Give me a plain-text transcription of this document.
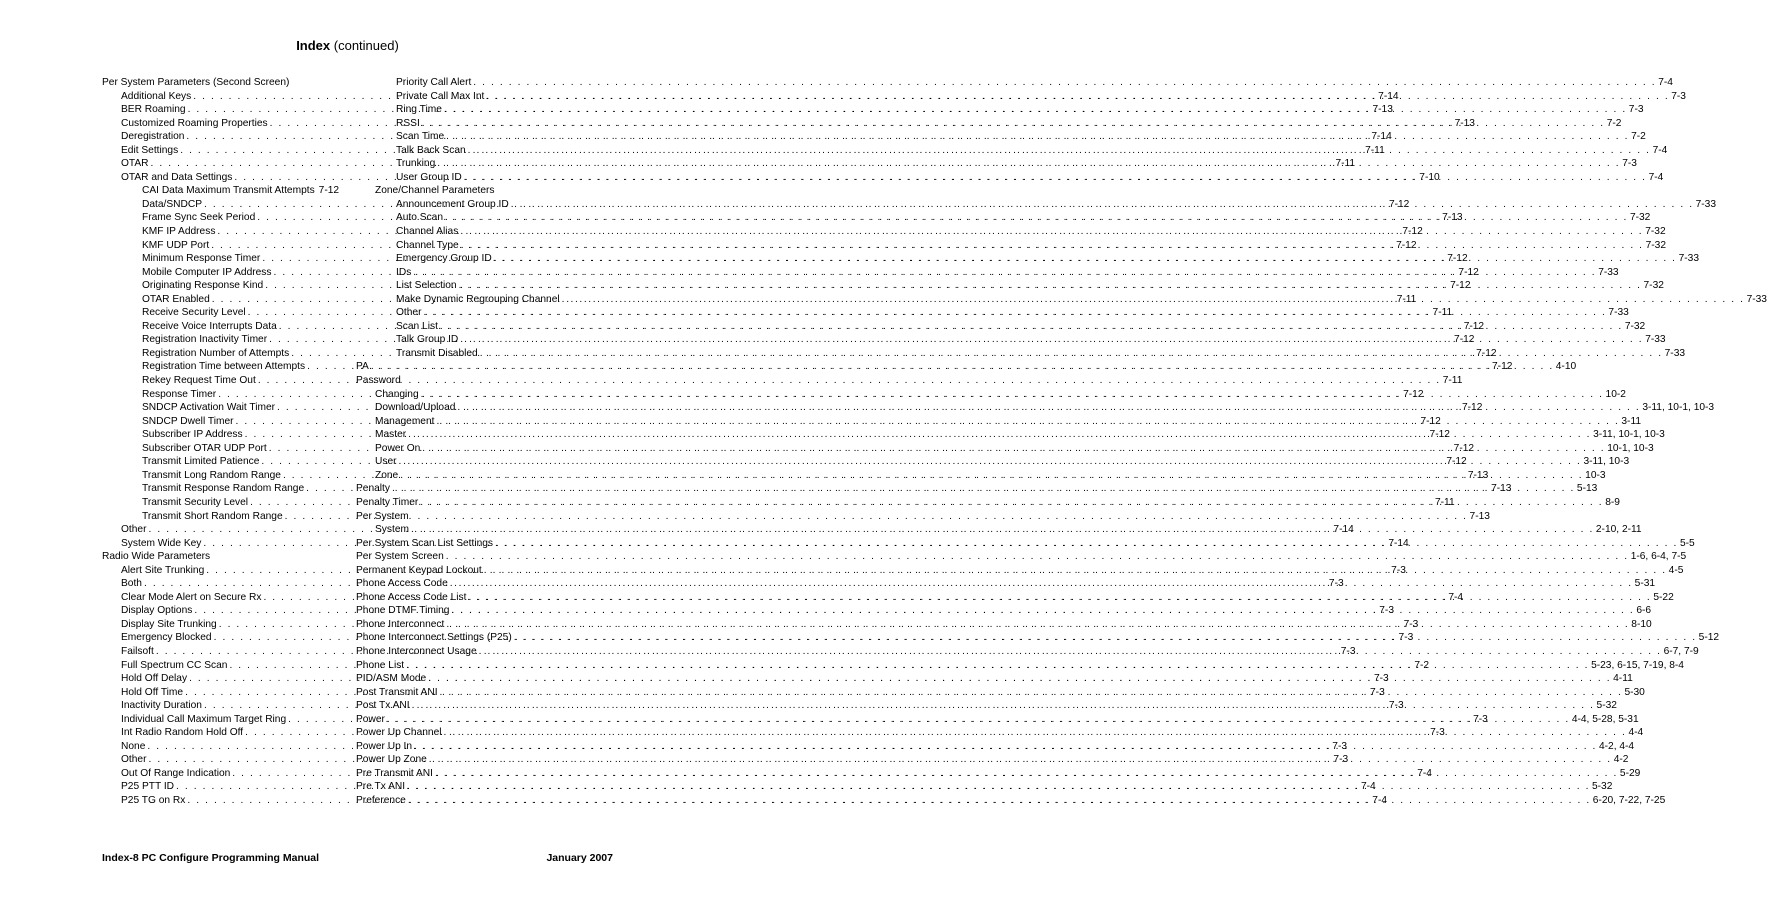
Index (continued)
Per System Parameters (Second Screen)
Additional Keys . . .	7-14
BER Roaming . . .	7-13
Customized Roaming Properties . . .	7-13
Deregistration . . .	7-14
Edit Settings . . .	7-11
OTAR . . .	7-11
OTAR and Data Settings . . .	7-10
CAI Data Maximum Transmit Attempts 7-12
Data/SNDCP . . .	7-12
Frame Sync Seek Period . . .	7-13
KMF IP Address . . .	7-12
KMF UDP Port . . .	7-12
Minimum Response Timer . . .	7-12
Mobile Computer IP Address . . .	7-12
Originating Response Kind . . .	7-12
OTAR Enabled . . .	7-11
Receive Security Level . . .	7-11
Receive Voice Interrupts Data . . .	7-12
Registration Inactivity Timer . . .	7-12
Registration Number of Attempts . . .	7-12
Registration Time between Attempts . . .	7-12
Rekey Request Time Out . . .	7-11
Response Timer . . .	7-12
SNDCP Activation Wait Timer . . .	7-12
SNDCP Dwell Timer . . .	7-12
Subscriber IP Address . . .	7-12
Subscriber OTAR UDP Port . . .	7-12
Transmit Limited Patience . . .	7-12
Transmit Long Random Range . . .	7-13
Transmit Response Random Range . . .	7-13
Transmit Security Level . . .	7-11
Transmit Short Random Range . . .	7-13
Other . . .	7-14
System Wide Key . . .	7-14
Radio Wide Parameters
Alert Site Trunking . . .	7-3
Both . . .	7-3
Clear Mode Alert on Secure Rx . . .	7-4
Display Options . . .	7-3
Display Site Trunking . . .	7-3
Emergency Blocked . . .	7-3
Failsoft . . .	7-3
Full Spectrum CC Scan . . .	7-2
Hold Off Delay . . .	7-3
Hold Off Time . . .	7-3
Inactivity Duration . . .	7-3
Individual Call Maximum Target Ring . . .	7-3
Int Radio Random Hold Off . . .	7-3
None . . .	7-3
Other . . .	7-3
Out Of Range Indication . . .	7-4
P25 PTT ID . . .	7-4
P25 TG on Rx . . .	7-4
Priority Call Alert . . .	7-4
Private Call Max Int . . .	7-3
Ring Time . . .	7-3
RSSI . . .	7-2
Scan Time . . .	7-2
Talk Back Scan . . .	7-4
Trunking . . .	7-3
User Group ID . . .	7-4
Zone/Channel Parameters
Announcement Group ID . . .	7-33
Auto Scan . . .	7-32
Channel Alias . . .	7-32
Channel Type . . .	7-32
Emergency Group ID . . .	7-33
IDs . . .	7-33
List Selection . . .	7-32
Make Dynamic Regrouping Channel . . .	7-33
Other . . .	7-33
Scan List . . .	7-32
Talk Group ID . . .	7-33
Transmit Disabled . . .	7-33
PA . . .	4-10
Password
Changing . . .	10-2
Download/Upload . . .	3-11, 10-1, 10-3
Management . . .	3-11
Master . . .	3-11, 10-1, 10-3
Power On . . .	10-1, 10-3
User . . .	3-11, 10-3
Zone . . .	10-3
Penalty . . .	5-13
Penalty Timer . . .	8-9
Per System
System . . .	2-10, 2-11
Per System Scan List Settings . . .	5-5
Per System Screen . . .	1-6, 6-4, 7-5
Permanent Keypad Lockout . . .	4-5
Phone Access Code . . .	5-31
Phone Access Code List . . .	5-22
Phone DTMF Timing . . .	6-6
Phone Interconnect . . .	8-10
Phone Interconnect Settings (P25) . . .	5-12
Phone Interconnect Usage . . .	6-7, 7-9
Phone List . . .	5-23, 6-15, 7-19, 8-4
PID/ASM Mode . . .	4-11
Post Transmit ANI . . .	5-30
Post Tx ANI . . .	5-32
Power . . .	4-4, 5-28, 5-31
Power Up Channel . . .	4-4
Power Up In . . .	4-2, 4-4
Power Up Zone . . .	4-2
Pre Transmit ANI . . .	5-29
Pre Tx ANI . . .	5-32
Preference . . .	6-20, 7-22, 7-25
Index-8 PC Configure Programming Manual	January 2007
